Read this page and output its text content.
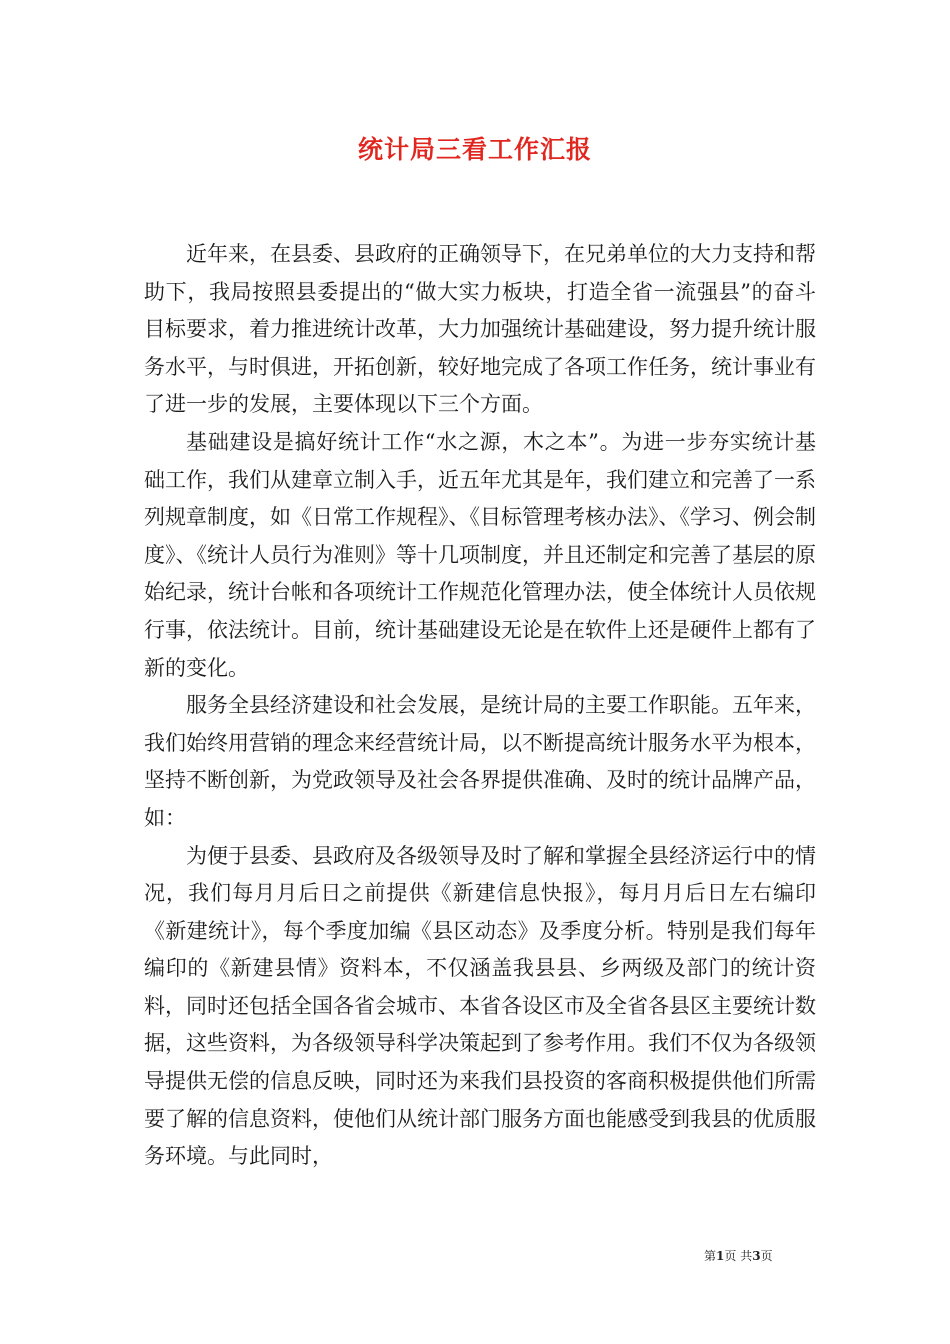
统计局三看工作汇报

近年来，在县委、县政府的正确领导下，在兄弟单位的大力支持和帮助下，我局按照县委提出的“做大实力板块，打造全省一流强县”的奋斗目标要求，着力推进统计改革，大力加强统计基础建设，努力提升统计服务水平，与时俱进，开拓创新，较好地完成了各项工作任务，统计事业有了进一步的发展，主要体现以下三个方面。

基础建设是搞好统计工作“水之源，木之本”。为进一步夯实统计基础工作，我们从建章立制入手，近五年尤其是年，我们建立和完善了一系列规章制度，如《日常工作规程》、《目标管理考核办法》、《学习、例会制度》、《统计人员行为准则》等十几项制度，并且还制定和完善了基层的原始纪录，统计台帐和各项统计工作规范化管理办法，使全体统计人员依规行事，依法统计。目前，统计基础建设无论是在软件上还是硬件上都有了新的变化。

服务全县经济建设和社会发展，是统计局的主要工作职能。五年来，我们始终用营销的理念来经营统计局，以不断提高统计服务水平为根本，坚持不断创新，为党政领导及社会各界提供准确、及时的统计品牌产品，如：

为便于县委、县政府及各级领导及时了解和掌握全县经济运行中的情况，我们每月月后日之前提供《新建信息快报》，每月月后日左右编印《新建统计》，每个季度加编《县区动态》及季度分析。特别是我们每年编印的《新建县情》资料本，不仅涵盖我县县、乡两级及部门的统计资料，同时还包括全国各省会城市、本省各设区市及全省各县区主要统计数据，这些资料，为各级领导科学决策起到了参考作用。我们不仅为各级领导提供无偿的信息反映，同时还为来我们县投资的客商积极提供他们所需要了解的信息资料，使他们从统计部门服务方面也能感受到我县的优质服务环境。与此同时，

第1页 共3页
